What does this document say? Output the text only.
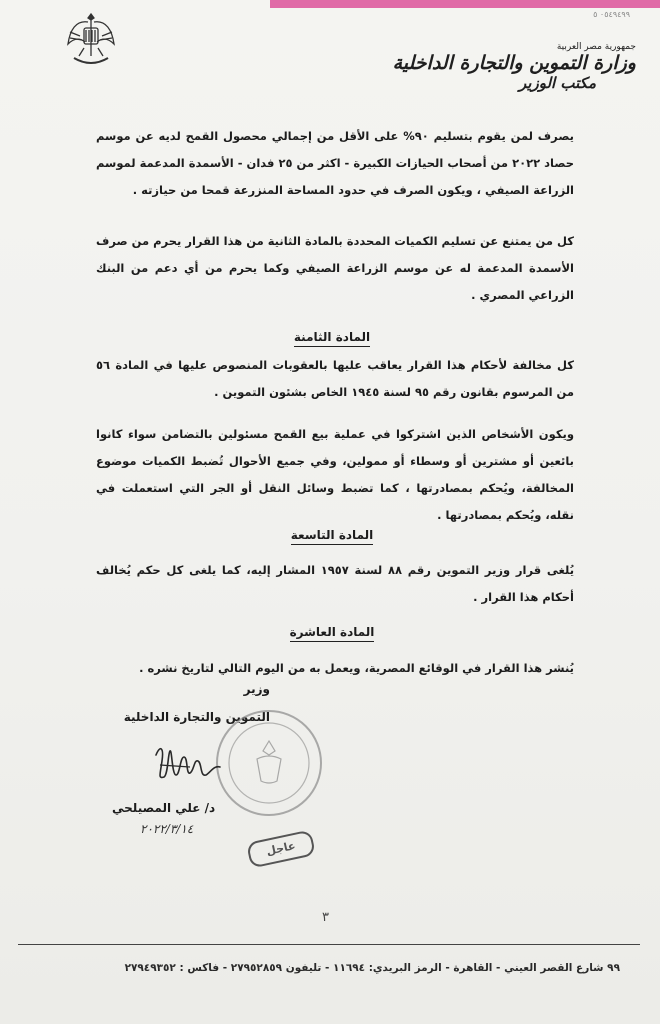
٠٥٤٩٤٩٩ ٥
جمهورية مصر العربية
وزارة التموين والتجارة الداخلية
مكتب الوزير
يصرف لمن يقوم بتسليم ٩٠% على الأقل من إجمالي محصول القمح لديه عن موسم حصاد ٢٠٢٢ من أصحاب الحيازات الكبيرة - اكثر من ٢٥ فدان - الأسمدة المدعمة لموسم الزراعة الصيفي ، ويكون الصرف في حدود المساحة المنزرعة قمحا من حيازته .
كل من يمتنع عن تسليم الكميات المحددة بالمادة الثانية من هذا القرار يحرم من صرف الأسمدة المدعمة له عن موسم الزراعة الصيفي وكما يحرم من أي دعم من البنك الزراعي المصري .
المادة الثامنة
كل مخالفة لأحكام هذا القرار يعاقب عليها بالعقوبات المنصوص عليها في المادة ٥٦ من المرسوم بقانون رقم ٩٥ لسنة ١٩٤٥ الخاص بشئون التموين .
ويكون الأشخاص الذين اشتركوا في عملية بيع القمح مسئولين بالتضامن سواء كانوا بائعين أو مشترين أو وسطاء أو ممولين، وفي جميع الأحوال تُضبط الكميات موضوع المخالفة، ويُحكم بمصادرتها ، كما تضبط وسائل النقل أو الجر التي استعملت في نقله، ويُحكم بمصادرتها .
المادة التاسعة
يُلغى قرار وزير التموين رقم ٨٨ لسنة ١٩٥٧ المشار إليه، كما يلغى كل حكم يُخالف أحكام هذا القرار .
المادة العاشرة
يُنشر هذا القرار في الوقائع المصرية، ويعمل به من اليوم التالي لتاريخ نشره .
وزير
التموين والتجارة الداخلية
د/ علي المصيلحي
٢٠٢٢/٣/١٤
عاجل
٣
٩٩ شارع القصر العيني - القاهرة - الرمز البريدي: ١١٦٩٤ - تليفون ٢٧٩٥٢٨٥٩ - فاكس : ٢٧٩٤٩٣٥٢
